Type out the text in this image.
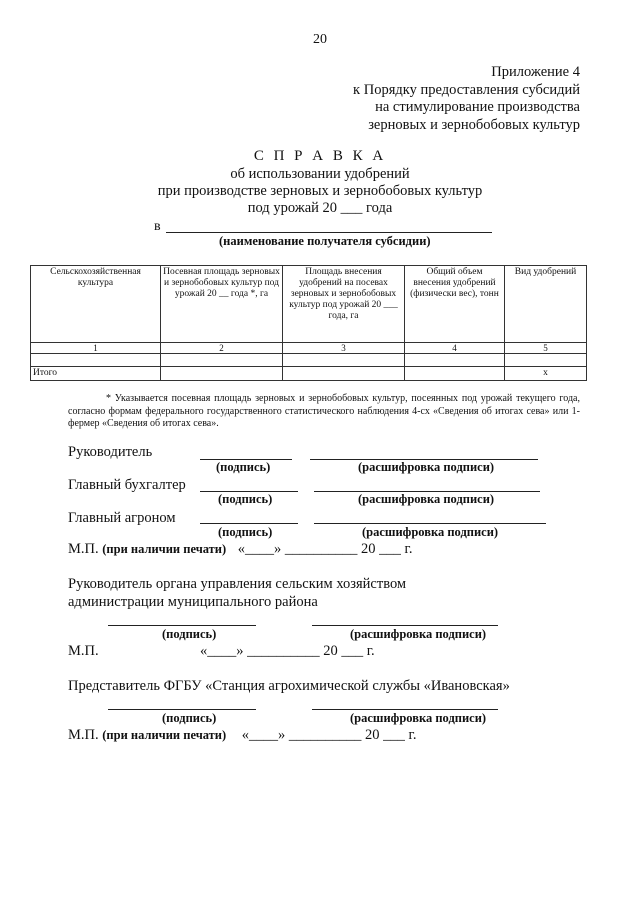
20
Приложение 4
к Порядку предоставления субсидий
на стимулирование производства
зерновых и зернобобовых культур
С П Р А В К А
об использовании удобрений
при производстве зерновых и зернобобовых культур
под урожай 20 ___ года
в
(наименование получателя субсидии)
Сельскохозяйственная культура	Посевная площадь зерновых и зернобобовых культур под урожай 20 __ года *, га	Площадь внесения удобрений на посевах зерновых и зернобобовых культур под урожай 20 ___ года, га	Общий объем внесения удобрений (физически вес), тонн	Вид удобрений
1	2	3	4	5

Итого				х
* Указывается посевная площадь зерновых и зернобобовых культур, посеянных под урожай текущего года, согласно формам федерального государственного статистического наблюдения 4-сх «Сведения об итогах сева» или 1-фермер «Сведения об итогах сева».
Руководитель
(подпись)	(расшифровка подписи)
Главный бухгалтер
(подпись)	(расшифровка подписи)
Главный агроном
(подпись)	(расшифровка подписи)
М.П. (при наличии печати) «____» __________ 20 ___ г.
Руководитель органа управления сельским хозяйством
администрации муниципального района
(подпись)	(расшифровка подписи)
М.П.	«____» __________ 20 ___ г.
Представитель ФГБУ «Станция агрохимической службы «Ивановская»
(подпись)	(расшифровка подписи)
М.П. (при наличии печати) «____» __________ 20 ___ г.
